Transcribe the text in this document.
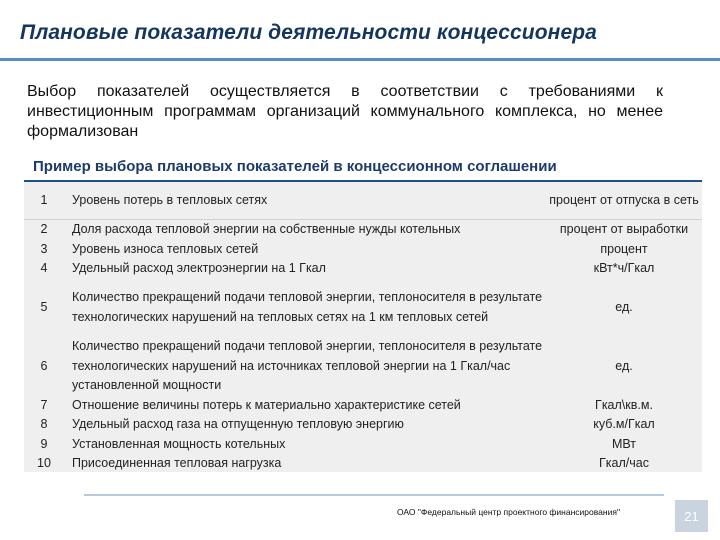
Плановые показатели деятельности концессионера
Выбор показателей осуществляется в соответствии с требованиями к инвестиционным программам организаций коммунального комплекса, но менее формализован
Пример выбора плановых показателей в концессионном соглашении
1	Уровень потерь в тепловых сетях	процент от отпуска в сеть
2	Доля расхода тепловой энергии на собственные нужды котельных	процент от выработки
3	Уровень износа тепловых сетей	процент
4	Удельный расход электроэнергии на 1 Гкал	кВт*ч/Гкал
5	Количество прекращений подачи тепловой энергии, теплоносителя в результате технологических нарушений на тепловых сетях на 1 км тепловых сетей	ед.
6	Количество прекращений подачи тепловой энергии, теплоносителя в результате технологических нарушений на источниках тепловой энергии на 1 Гкал/час установленной мощности	ед.
7	Отношение величины потерь к материально характеристике сетей	Гкал\кв.м.
8	Удельный расход газа на отпущенную тепловую энергию	куб.м/Гкал
9	Установленная мощность котельных	МВт
10	Присоединенная тепловая нагрузка	Гкал/час
ОАО "Федеральный центр проектного финансирования"	21
